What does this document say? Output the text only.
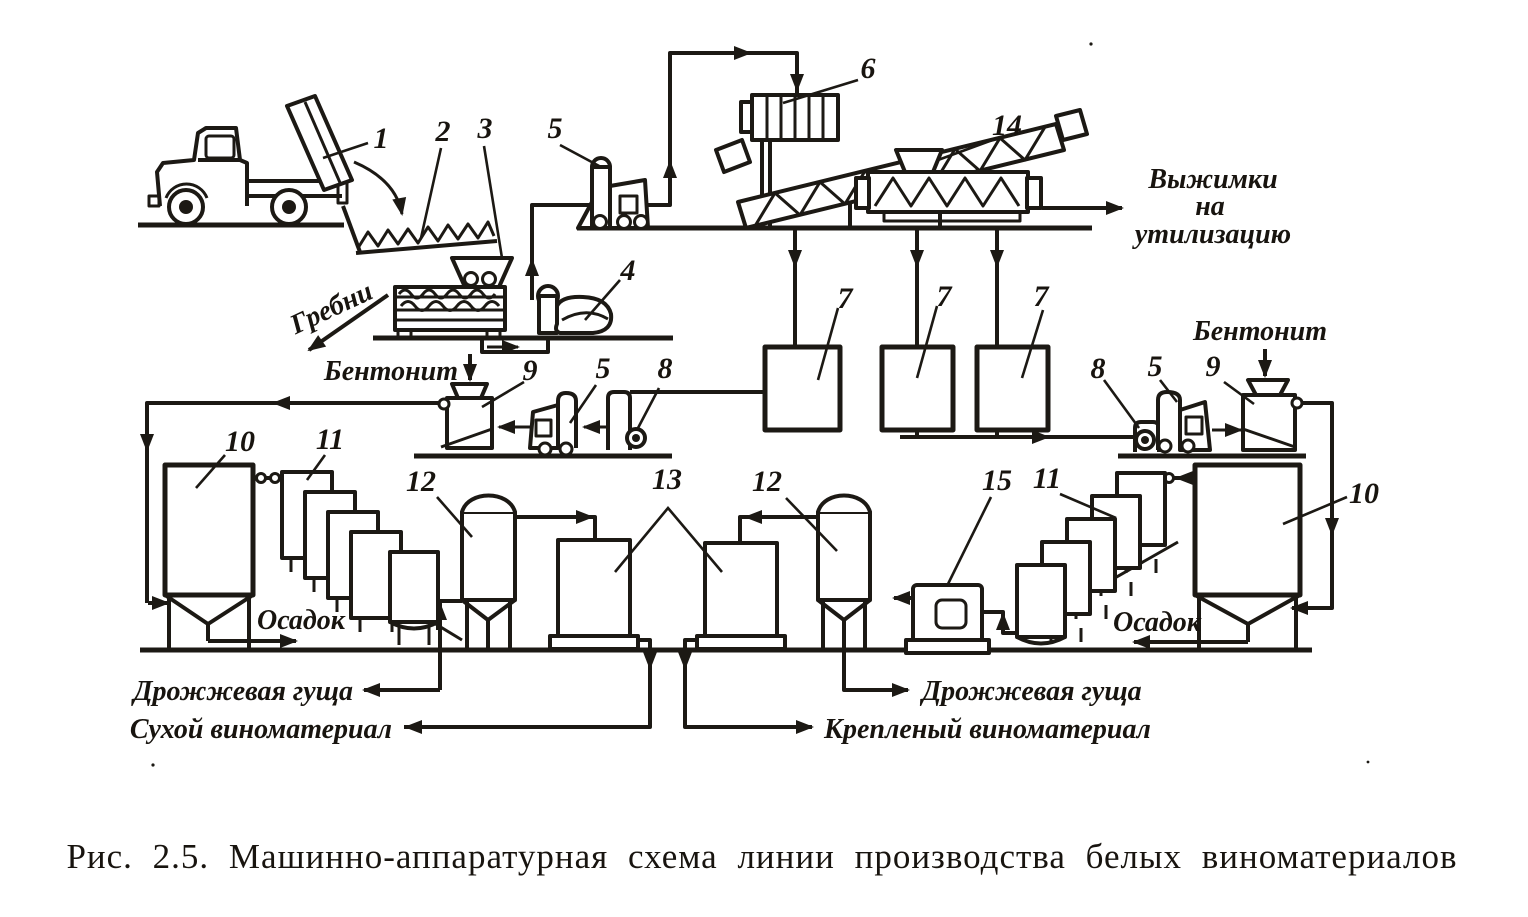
1 2 3 5
6
14
4
9 5 8
7	7	7
8 5 9
10 11
12	13 12	15 11	10
Гребни
Бентонит
Бентонит
Выжимки
на
утилизацию
Осадок	Осадок
Дрожжевая гуща
Сухой виноматериал
Дрожжевая гуща
Крепленый виноматериал
Рис. 2.5. Машинно-аппаратурная схема линии производства белых виноматериалов
